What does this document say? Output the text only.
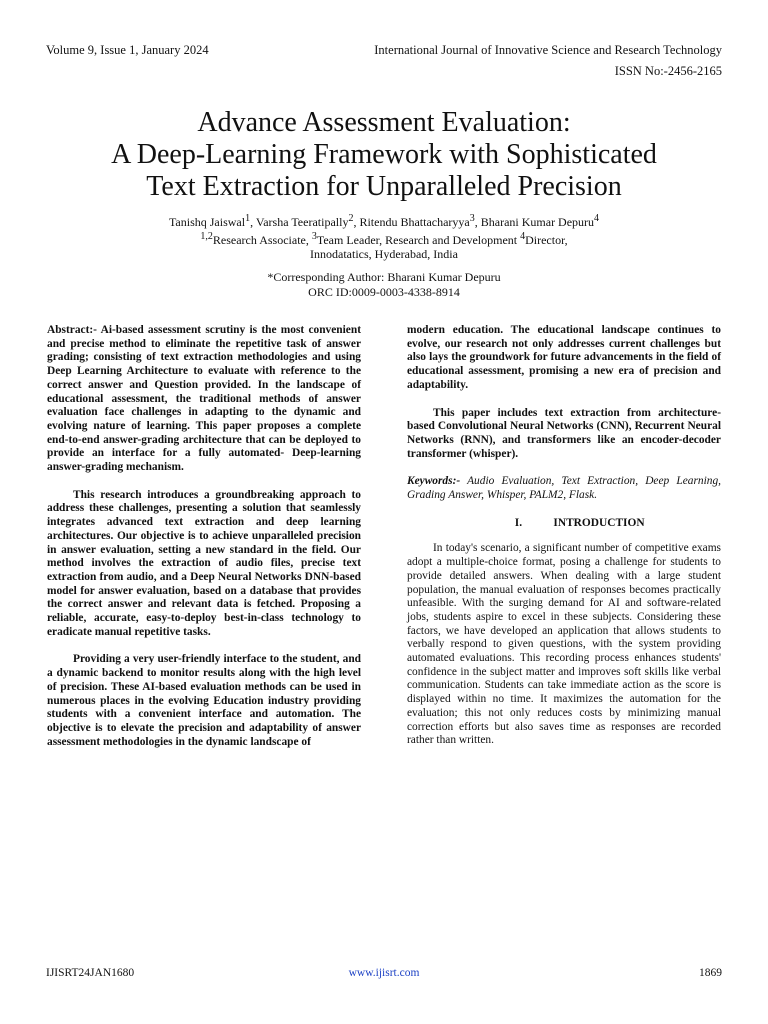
Volume 9, Issue 1, January 2024	International Journal of Innovative Science and Research Technology
ISSN No:-2456-2165
Advance Assessment Evaluation:
A Deep-Learning Framework with Sophisticated
Text Extraction for Unparalleled Precision
Tanishq Jaiswal$^1$, Varsha Teeratipally$^2$, Ritendu Bhattacharyya$^3$, Bharani Kumar Depuru$^4$
$^{1,2}$Research Associate, $^3$Team Leader, Research and Development $^4$Director,
Innodatatics, Hyderabad, India
*Corresponding Author: Bharani Kumar Depuru
ORC ID:0009-0003-4338-8914

Abstract:- Ai-based assessment scrutiny is the most convenient and precise method to eliminate the repetitive task of answer grading; consisting of text extraction methodologies and using Deep Learning Architecture to evaluate with reference to the correct answer and Question provided. In the landscape of educational assessment, the traditional methods of answer evaluation face challenges in adapting to the dynamic and evolving nature of learning. This paper proposes a complete end-to-end answer-grading architecture that can be deployed to provide an interface for a fully automated- Deep-learning answer-grading mechanism.

This research introduces a groundbreaking approach to address these challenges, presenting a solution that seamlessly integrates advanced text extraction and deep learning architectures. Our objective is to achieve unparalleled precision in answer evaluation, setting a new standard in the field. Our method involves the extraction of audio files, precise text extraction from audio, and a Deep Neural Networks DNN-based model for answer evaluation, based on a database that provides the correct answer and relevant data is fetched. Proposing a reliable, accurate, easy-to-deploy best-in-class technology to eradicate manual repetitive tasks.

Providing a very user-friendly interface to the student, and a dynamic backend to monitor results along with the high level of precision. These AI-based evaluation methods can be used in numerous places in the evolving Education industry providing students with a convenient interface and automation. The objective is to elevate the precision and adaptability of answer assessment methodologies in the dynamic landscape of

modern education. The educational landscape continues to evolve, our research not only addresses current challenges but also lays the groundwork for future advancements in the field of educational assessment, promising a new era of precision and adaptability.

This paper includes text extraction from architecture-based Convolutional Neural Networks (CNN), Recurrent Neural Networks (RNN), and transformers like an encoder-decoder transformer (whisper).

Keywords:- Audio Evaluation, Text Extraction, Deep Learning, Grading Answer, Whisper, PALM2, Flask.

I.	INTRODUCTION

In today's scenario, a significant number of competitive exams adopt a multiple-choice format, posing a challenge for students to provide detailed answers. When dealing with a large student population, the manual evaluation of responses becomes practically unfeasible. With the surging demand for AI and software-related jobs, students aspire to excel in these subjects. Considering these factors, we have developed an application that allows students to verbally respond to given questions, with the system providing automated evaluations. This recording process enhances students' confidence in the subject matter and improves soft skills like verbal communication. Students can take immediate action as the score is displayed within no time. It maximizes the automation for the evaluation; this not only reduces costs by minimizing manual correction efforts but also saves time as responses are recorded rather than written.

IJISRT24JAN1680	www.ijisrt.com	1869
